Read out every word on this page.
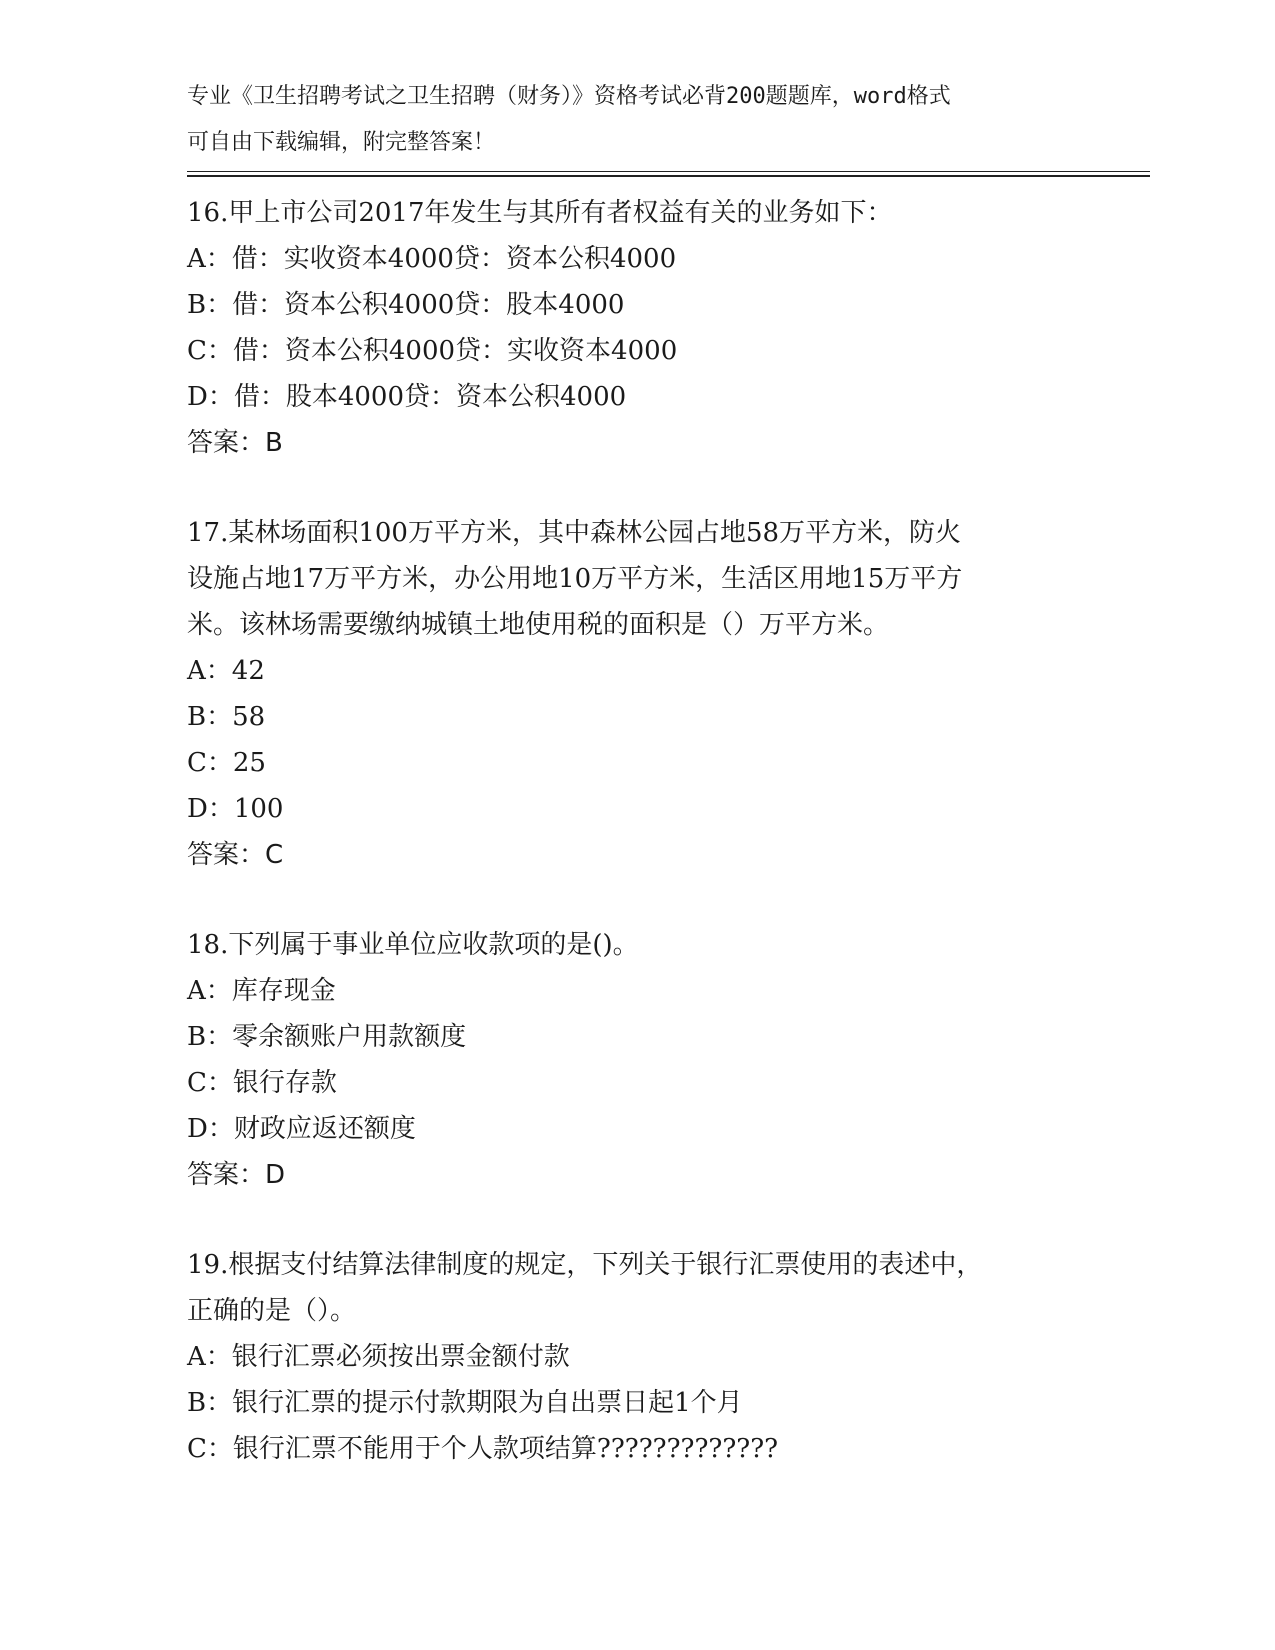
专业《卫生招聘考试之卫生招聘（财务）》资格考试必背200题题库，word格式
可自由下载编辑，附完整答案！
16.甲上市公司2017年发生与其所有者权益有关的业务如下：
A：借：实收资本4000贷：资本公积4000
B：借：资本公积4000贷：股本4000
C：借：资本公积4000贷：实收资本4000
D：借：股本4000贷：资本公积4000
答案：B
17.某林场面积100万平方米，其中森林公园占地58万平方米，防火
设施占地17万平方米，办公用地10万平方米，生活区用地15万平方
米。该林场需要缴纳城镇土地使用税的面积是（）万平方米。
A：42
B：58
C：25
D：100
答案：C
18.下列属于事业单位应收款项的是()。
A：库存现金
B：零余额账户用款额度
C：银行存款
D：财政应返还额度
答案：D
19.根据支付结算法律制度的规定，下列关于银行汇票使用的表述中，
正确的是（）。
A：银行汇票必须按出票金额付款
B：银行汇票的提示付款期限为自出票日起1个月
C：银行汇票不能用于个人款项结算?????????????
